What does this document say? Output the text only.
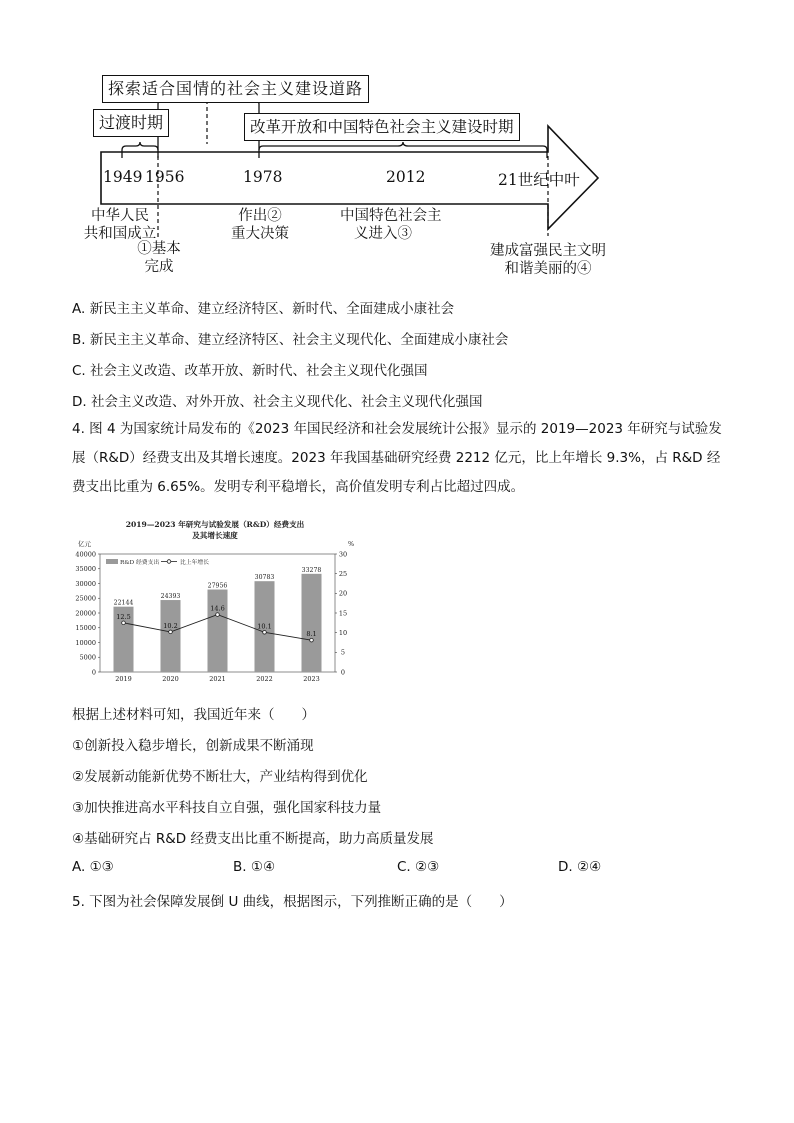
探索适合国情的社会主义建设道路
过渡时期	改革开放和中国特色社会主义建设时期
1949 1956	1978	2012	21世纪中叶
中华人民
共和国成立
①基本
完成
作出②
重大决策
中国特色社会主
义进入③
建成富强民主文明
和谐美丽的④
A. 新民主主义革命、建立经济特区、新时代、全面建成小康社会
B. 新民主主义革命、建立经济特区、社会主义现代化、全面建成小康社会
C. 社会主义改造、改革开放、新时代、社会主义现代化强国
D. 社会主义改造、对外开放、社会主义现代化、社会主义现代化强国
4. 图 4 为国家统计局发布的《2023 年国民经济和社会发展统计公报》显示的 2019—2023 年研究与试验发展（R&D）经费支出及其增长速度。2023 年我国基础研究经费 2212 亿元，比上年增长 9.3%，占 R&D 经费支出比重为 6.65%。发明专利平稳增长，高价值发明专利占比超过四成。
2019—2023 年研究与试验发展（R&D）经费支出
及其增长速度
亿元	%
0
5000
10000
15000
20000
25000
30000
35000
40000
0
5
10
15
20
25
30
22144
2019
24393
2020
27956
2021
30783
2022
33278
2023
12.5
10.2
14.6
10.1
8.1
R&D 经费支出	比上年增长
根据上述材料可知，我国近年来（　　）
①创新投入稳步增长，创新成果不断涌现
②发展新动能新优势不断壮大，产业结构得到优化
③加快推进高水平科技自立自强，强化国家科技力量
④基础研究占 R&D 经费支出比重不断提高，助力高质量发展
A. ①③	B. ①④	C. ②③	D. ②④
5. 下图为社会保障发展倒 U 曲线，根据图示，下列推断正确的是（　　）
